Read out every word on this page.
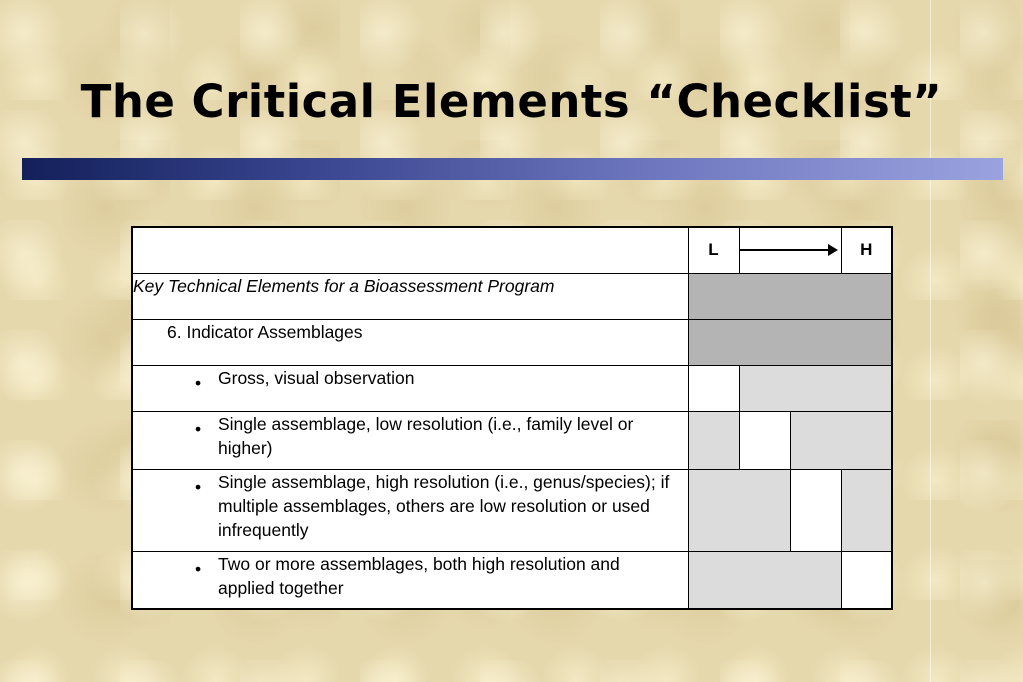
The Critical Elements “Checklist”
	L			H
Key Technical Elements for a Bioassessment Program				
6. Indicator Assemblages				

• Gross, visual observation				

• Single assemblage, low resolution (i.e., family level or higher)				

• Single assemblage, high resolution (i.e., genus/species); if multiple assemblages, others are low resolution or used infrequently				

• Two or more assemblages, both high resolution and applied together				
